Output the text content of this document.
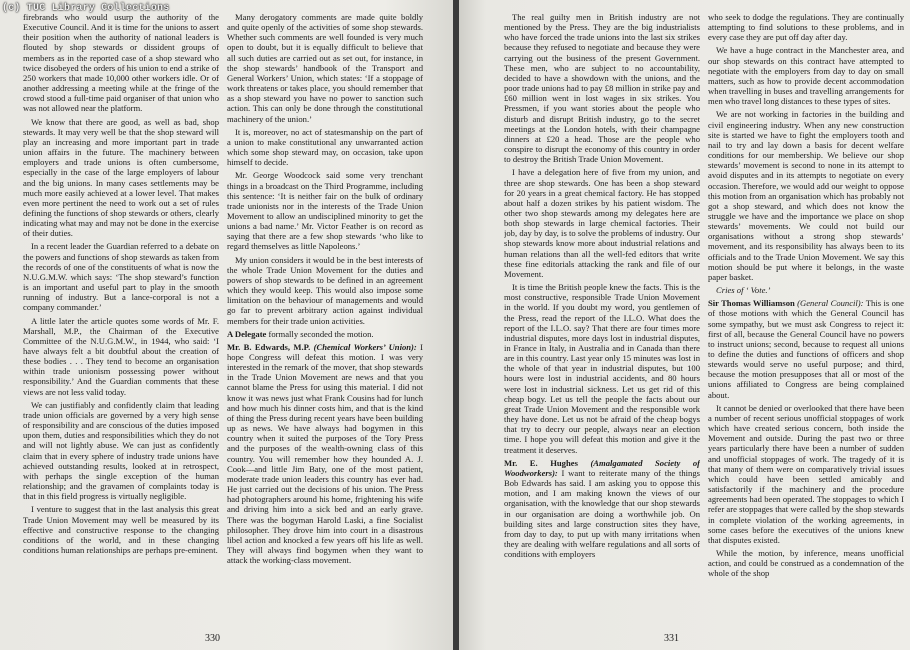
(c) TUC Library Collections

firebrands who would usurp the authority of the Executive Council. And it is time for the unions to assert their position when the authority of national leaders is flouted by shop stewards or dissident groups of members as in the reported case of a shop steward who twice disobeyed the orders of his union to end a strike of 250 workers that made 10,000 other workers idle. Or of another addressing a meeting while at the fringe of the crowd stood a full-time paid organiser of that union who was not allowed near the platform.

We know that there are good, as well as bad, shop stewards. It may very well be that the shop steward will play an increasing and more important part in trade union affairs in the future. The machinery between employers and trade unions is often cumbersome, especially in the case of the large employers of labour and the big unions. In many cases settlements may be much more easily achieved at a lower level. That makes even more pertinent the need to work out a set of rules defining the functions of shop stewards or others, clearly indicating what may and may not be done in the exercise of their duties.

In a recent leader the Guardian referred to a debate on the powers and functions of shop stewards as taken from the records of one of the constituents of what is now the N.U.G.M.W. which says: ‘The shop steward’s function is an important and useful part to play in the smooth running of industry. But a lance-corporal is not a company commander.’

A little later the article quotes some words of Mr. F. Marshall, M.P., the Chairman of the Executive Committee of the N.U.G.M.W., in 1944, who said: ‘I have always felt a bit doubtful about the creation of these bodies . . . They tend to become an organisation within trade unionism possessing power without responsibility.’ And the Guardian comments that these views are not less valid today.

We can justifiably and confidently claim that leading trade union officials are governed by a very high sense of responsibility and are conscious of the duties imposed upon them, duties and responsibilities which they do not and will not lightly abuse. We can just as confidently claim that in every sphere of industry trade unions have achieved outstanding results, looked at in retrospect, with perhaps the single exception of the human relationship; and the gravamen of complaints today is that in this field progress is virtually negligible.

I venture to suggest that in the last analysis this great Trade Union Movement may well be measured by its effective and constructive response to the changing conditions of the world, and in these changing conditions human relationships are perhaps pre-eminent.

Many derogatory comments are made quite boldly and quite openly of the activities of some shop stewards. Whether such comments are well founded is very much open to doubt, but it is equally difficult to believe that all such duties are carried out as set out, for instance, in the shop stewards’ handbook of the Transport and General Workers’ Union, which states: ‘If a stoppage of work threatens or takes place, you should remember that as a shop steward you have no power to sanction such action. This can only be done through the constitutional machinery of the union.’

It is, moreover, no act of statesmanship on the part of a union to make constitutional any unwarranted action which some shop steward may, on occasion, take upon himself to decide.

Mr. George Woodcock said some very trenchant things in a broadcast on the Third Programme, including this sentence: ‘It is neither fair on the bulk of ordinary trade unionists nor in the interests of the Trade Union Movement to allow an undisciplined minority to get the unions a bad name.’ Mr. Victor Feather is on record as saying that there are a few shop stewards ‘who like to regard themselves as little Napoleons.’

My union considers it would be in the best interests of the whole Trade Union Movement for the duties and powers of shop stewards to be defined in an agreement which they would keep. This would also impose some limitation on the behaviour of managements and would go far to prevent arbitrary action against individual members for their trade union activities.

A Delegate formally seconded the motion.

Mr. B. Edwards, M.P. (Chemical Workers’ Union): I hope Congress will defeat this motion. I was very interested in the remark of the mover, that shop stewards in the Trade Union Movement are news and that you cannot blame the Press for using this material. I did not know it was news just what Frank Cousins had for lunch and how much his dinner costs him, and that is the kind of thing the Press during recent years have been building up as news. We have always had bogymen in this country when it suited the purposes of the Tory Press and the purposes of the wealth-owning class of this country. You will remember how they hounded A. J. Cook—and little Jim Baty, one of the most patient, moderate trade union leaders this country has ever had. He just carried out the decisions of his union. The Press had photographers around his home, frightening his wife and driving him into a sick bed and an early grave. There was the bogyman Harold Laski, a fine Socialist philosopher. They drove him into court in a disastrous libel action and knocked a few years off his life as well. They will always find bogymen when they want to attack the working-class movement.

330

The real guilty men in British industry are not mentioned by the Press. They are the big industrialists who have forced the trade unions into the last six strikes because they refused to negotiate and because they were carrying out the business of the present Government. These men, who are subject to no accountability, decided to have a showdown with the unions, and the poor trade unions had to pay £8 million in strike pay and £60 million went in lost wages in six strikes. You Pressmen, if you want stories about the people who disturb and disrupt British industry, go to the secret meetings at the London hotels, with their champagne dinners at £20 a head. Those are the people who conspire to disrupt the economy of this country in order to destroy the British Trade Union Movement.

I have a delegation here of five from my union, and three are shop stewards. One has been a shop steward for 20 years in a great chemical factory. He has stopped about half a dozen strikes by his patient wisdom. The other two shop stewards among my delegates here are both shop stewards in large chemical factories. Their job, day by day, is to solve the problems of industry. Our shop stewards know more about industrial relations and human relations than all the well-fed editors that write these fine editorials attacking the rank and file of our Movement.

It is time the British people knew the facts. This is the most constructive, responsible Trade Union Movement in the world. If you doubt my word, you gentlemen of the Press, read the report of the I.L.O. What does the report of the I.L.O. say? That there are four times more industrial disputes, more days lost in industrial disputes, in France in Italy, in Australia and in Canada than there are in this country. Last year only 15 minutes was lost in the whole of that year in industrial disputes, but 100 hours were lost in industrial accidents, and 80 hours were lost in industrial sickness. Let us get rid of this cheap bogy. Let us tell the people the facts about our great Trade Union Movement and the responsible work they have done. Let us not be afraid of the cheap bogys that try to decry our people, always near an election time. I hope you will defeat this motion and give it the treatment it deserves.

Mr. E. Hughes (Amalgamated Society of Woodworkers): I want to reiterate many of the things Bob Edwards has said. I am asking you to oppose this motion, and I am making known the views of our organisation, with the knowledge that our shop stewards in our organisation are doing a worthwhile job. On building sites and large construction sites they have, from day to day, to put up with many irritations when they are dealing with welfare regulations and all sorts of conditions with employers

who seek to dodge the regulations. They are continually attempting to find solutions to these problems, and in every case they are put off day after day.

We have a huge contract in the Manchester area, and our shop stewards on this contract have attempted to negotiate with the employers from day to day on small matters, such as how to provide decent accommodation when travelling in buses and travelling arrangements for men who travel long distances to these types of sites.

We are not working in factories in the building and civil engineering industry. When any new construction site is started we have to fight the employers tooth and nail to try and lay down a basis for decent welfare conditions for our membership. We believe our shop stewards’ movement is second to none in its attempt to avoid disputes and in its attempts to negotiate on every occasion. Therefore, we would add our weight to oppose this motion from an organisation which has probably not got a shop steward, and which does not know the struggle we have and the importance we place on shop stewards’ movements. We could not build our organisations without a strong shop stewards’ movement, and its responsibility has always been to its officials and to the Trade Union Movement. We say this motion should be put where it belongs, in the waste paper basket.

Cries of ‘ Vote.’

Sir Thomas Williamson (General Council): This is one of those motions with which the General Council has some sympathy, but we must ask Congress to reject it: first of all, because the General Council have no powers to instruct unions; second, because to request all unions to define the duties and functions of officers and shop stewards would serve no useful purpose; and third, because the motion presupposes that all or most of the unions affiliated to Congress are being complained about.

It cannot be denied or overlooked that there have been a number of recent serious unofficial stoppages of work which have created serious concern, both inside the Movement and outside. During the past two or three years particularly there have been a number of sudden and unofficial stoppages of work. The tragedy of it is that many of them were on comparatively trivial issues which could have been settled amicably and satisfactorily if the machinery and the procedure agreements had been operated. The stoppages to which I refer are stoppages that were called by the shop stewards in complete violation of the working agreements, in some cases before the executives of the unions knew that disputes existed.

While the motion, by inference, means unofficial action, and could be construed as a condemnation of the whole of the shop

331
